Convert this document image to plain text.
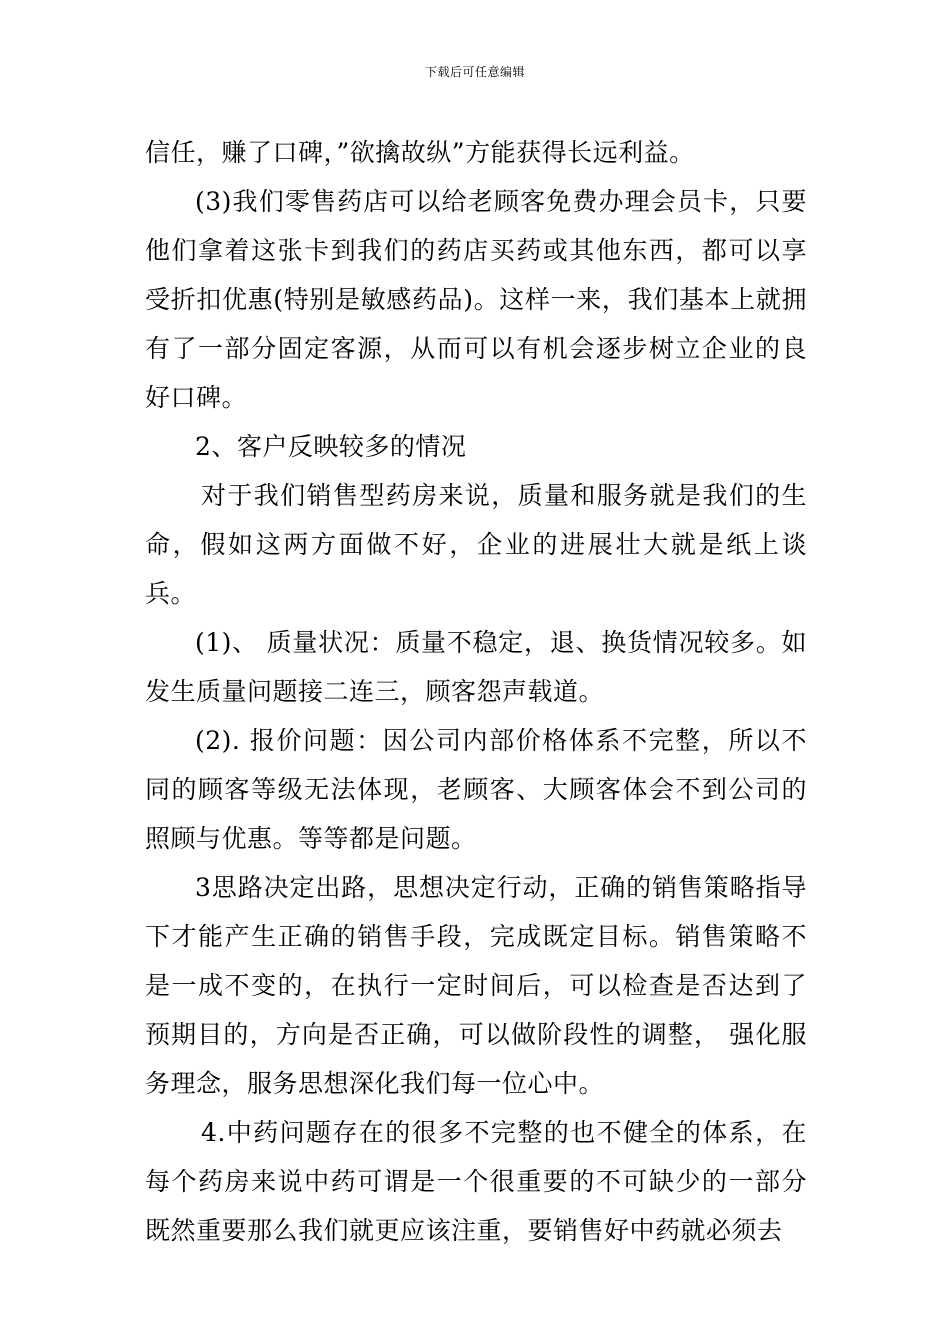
下载后可任意编辑

信任，赚了口碑，”欲擒故纵”方能获得长远利益。

(3)我们零售药店可以给老顾客免费办理会员卡，只要他们拿着这张卡到我们的药店买药或其他东西，都可以享受折扣优惠(特别是敏感药品)。这样一来，我们基本上就拥有了一部分固定客源，从而可以有机会逐步树立企业的良好口碑。

2、客户反映较多的情况

对于我们销售型药房来说，质量和服务就是我们的生命，假如这两方面做不好，企业的进展壮大就是纸上谈兵。

(1)、 质量状况：质量不稳定，退、换货情况较多。如发生质量问题接二连三，顾客怨声载道。

(2). 报价问题：因公司内部价格体系不完整，所以不同的顾客等级无法体现，老顾客、大顾客体会不到公司的照顾与优惠。等等都是问题。

3思路决定出路，思想决定行动，正确的销售策略指导下才能产生正确的销售手段，完成既定目标。销售策略不是一成不变的，在执行一定时间后，可以检查是否达到了预期目的，方向是否正确，可以做阶段性的调整， 强化服务理念，服务思想深化我们每一位心中。

4.中药问题存在的很多不完整的也不健全的体系，在每个药房来说中药可谓是一个很重要的不可缺少的一部分既然重要那么我们就更应该注重，要销售好中药就必须去
